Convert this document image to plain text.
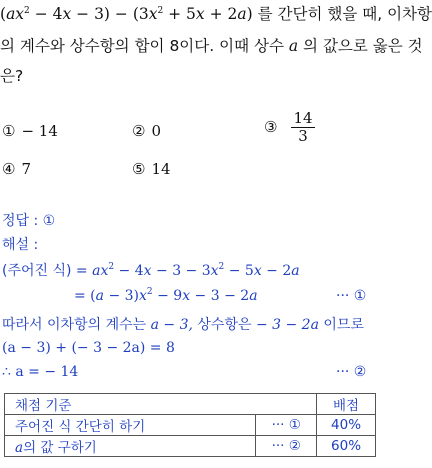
$(ax^2 - 4x - 3) - (3x^2 + 5x + 2a)$ 를 간단히 했을 때, 이차항
의 계수와 상수항의 합이 8이다. 이때 상수 a 의 값으로 옳은 것
은?
① − 14	② 0	③ $\frac{14}{3}$
④ 7	⑤ 14
정답 : ①
해설 :
(주어진 식) = $ax^2 - 4x - 3 - 3x^2 - 5x - 2a$
= $(a - 3)x^2 - 9x - 3 - 2a$	··· ①
따라서 이차항의 계수는 a − 3, 상수항은 − 3 − 2a 이므로
(a − 3) + (− 3 − 2a) = 8
∴ a = − 14	··· ②
채점 기준		배점
주어진 식 간단히 하기	··· ①	40%
a의 값 구하기	··· ②	60%
